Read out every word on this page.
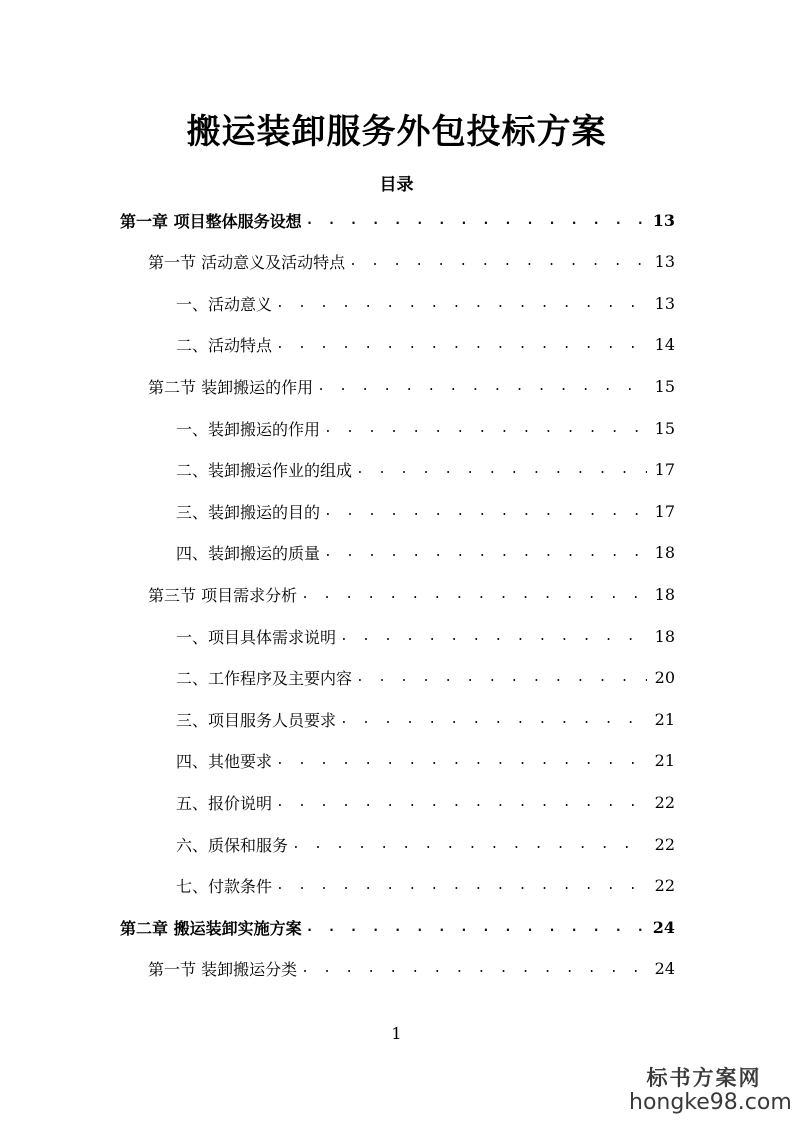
搬运装卸服务外包投标方案
目录
第一章 项目整体服务设想 . . .	13
第一节 活动意义及活动特点 . . .	13
一、活动意义 . . .	13
二、活动特点 . . .	14
第二节 装卸搬运的作用 . . .	15
一、装卸搬运的作用 . . .	15
二、装卸搬运作业的组成 . . .	17
三、装卸搬运的目的 . . .	17
四、装卸搬运的质量 . . .	18
第三节 项目需求分析 . . .	18
一、项目具体需求说明 . . .	18
二、工作程序及主要内容 . . .	20
三、项目服务人员要求 . . .	21
四、其他要求 . . .	21
五、报价说明 . . .	22
六、质保和服务 . . .	22
七、付款条件 . . .	22
第二章 搬运装卸实施方案 . . .	24
第一节 装卸搬运分类 . . .	24
1
标书方案网
hongke98.com
